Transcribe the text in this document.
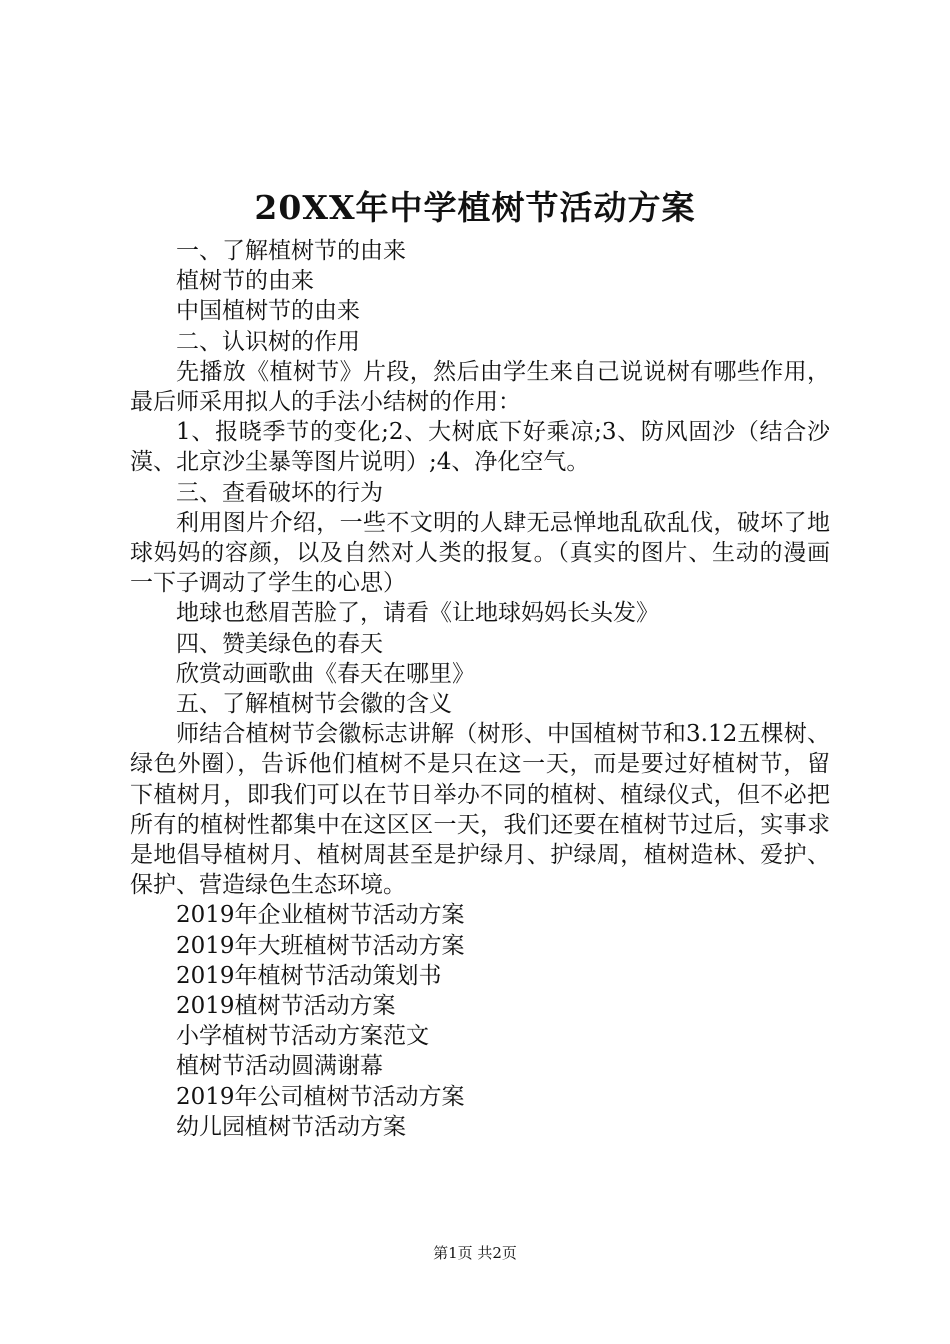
20XX年中学植树节活动方案

一、了解植树节的由来

植树节的由来

中国植树节的由来

二、认识树的作用

先播放《植树节》片段，然后由学生来自己说说树有哪些作用，最后师采用拟人的手法小结树的作用：

1、报晓季节的变化;2、大树底下好乘凉;3、防风固沙（结合沙漠、北京沙尘暴等图片说明）;4、净化空气。

三、查看破坏的行为

利用图片介绍，一些不文明的人肆无忌惮地乱砍乱伐，破坏了地球妈妈的容颜，以及自然对人类的报复。（真实的图片、生动的漫画一下子调动了学生的心思）

地球也愁眉苦脸了，请看《让地球妈妈长头发》

四、赞美绿色的春天

欣赏动画歌曲《春天在哪里》

五、了解植树节会徽的含义

师结合植树节会徽标志讲解（树形、中国植树节和3.12五棵树、绿色外圈），告诉他们植树不是只在这一天，而是要过好植树节，留下植树月，即我们可以在节日举办不同的植树、植绿仪式，但不必把所有的植树性都集中在这区区一天，我们还要在植树节过后，实事求是地倡导植树月、植树周甚至是护绿月、护绿周，植树造林、爱护、保护、营造绿色生态环境。

2019年企业植树节活动方案

2019年大班植树节活动方案

2019年植树节活动策划书

2019植树节活动方案

小学植树节活动方案范文

植树节活动圆满谢幕

2019年公司植树节活动方案

幼儿园植树节活动方案

第1页 共2页
